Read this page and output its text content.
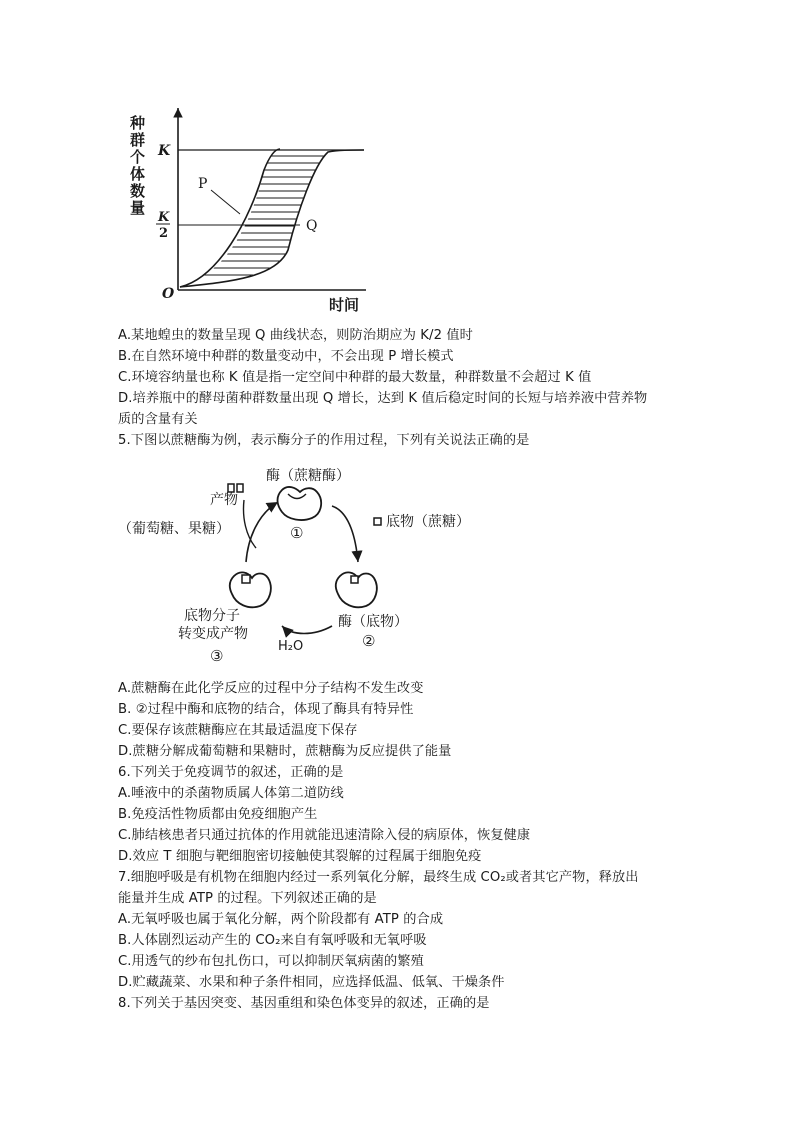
种
群
个
体
数
量
K
K
2
P
Q
O
时间
A.某地蝗虫的数量呈现 Q 曲线状态，则防治期应为 K/2 值时
B.在自然环境中种群的数量变动中，不会出现 P 增长模式
C.环境容纳量也称 K 值是指一定空间中种群的最大数量，种群数量不会超过 K 值
D.培养瓶中的酵母菌种群数量出现 Q 增长，达到 K 值后稳定时间的长短与培养液中营养物
质的含量有关
5.下图以蔗糖酶为例，表示酶分子的作用过程，下列有关说法正确的是
酶（蔗糖酶）
①
酶（底物）
②
底物分子
转变成产物
③
底物（蔗糖）
产物
（葡萄糖、果糖）
H₂O
A.蔗糖酶在此化学反应的过程中分子结构不发生改变
B. ②过程中酶和底物的结合，体现了酶具有特异性
C.要保存该蔗糖酶应在其最适温度下保存
D.蔗糖分解成葡萄糖和果糖时，蔗糖酶为反应提供了能量
6.下列关于免疫调节的叙述，正确的是
A.唾液中的杀菌物质属人体第二道防线
B.免疫活性物质都由免疫细胞产生
C.肺结核患者只通过抗体的作用就能迅速清除入侵的病原体，恢复健康
D.效应 T 细胞与靶细胞密切接触使其裂解的过程属于细胞免疫
7.细胞呼吸是有机物在细胞内经过一系列氧化分解，最终生成 CO₂或者其它产物，释放出
能量并生成 ATP 的过程。下列叙述正确的是
A.无氧呼吸也属于氧化分解，两个阶段都有 ATP 的合成
B.人体剧烈运动产生的 CO₂来自有氧呼吸和无氧呼吸
C.用透气的纱布包扎伤口，可以抑制厌氧病菌的繁殖
D.贮藏蔬菜、水果和种子条件相同，应选择低温、低氧、干燥条件
8.下列关于基因突变、基因重组和染色体变异的叙述，正确的是
